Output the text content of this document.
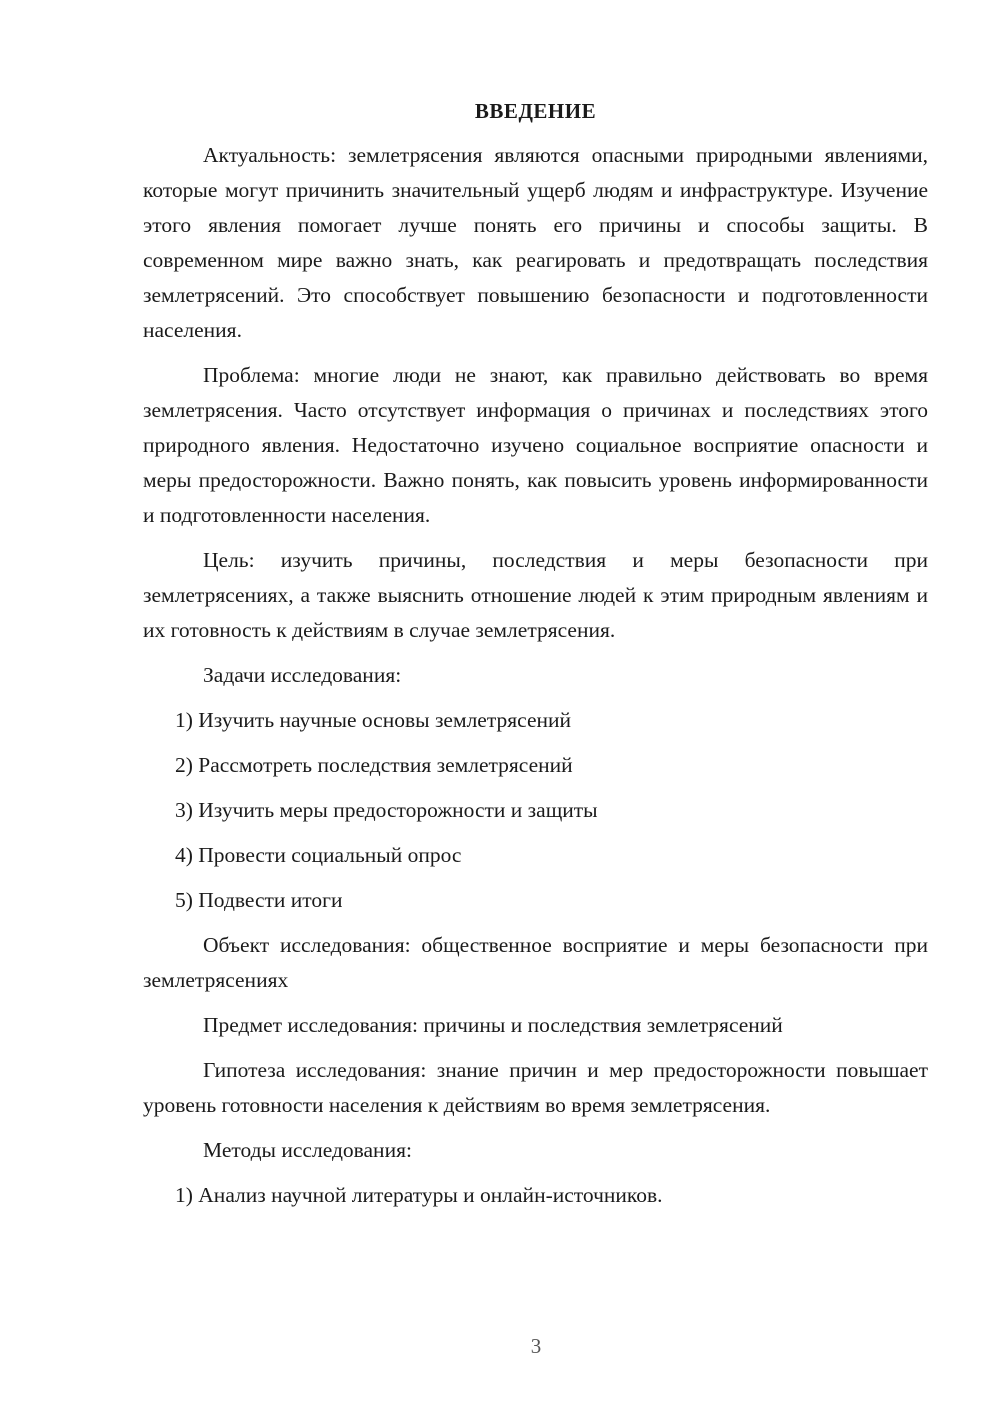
ВВЕДЕНИЕ

Актуальность: землетрясения являются опасными природными явлениями, которые могут причинить значительный ущерб людям и инфраструктуре. Изучение этого явления помогает лучше понять его причины и способы защиты. В современном мире важно знать, как реагировать и предотвращать последствия землетрясений. Это способствует повышению безопасности и подготовленности населения.

Проблема: многие люди не знают, как правильно действовать во время землетрясения. Часто отсутствует информация о причинах и последствиях этого природного явления. Недостаточно изучено социальное восприятие опасности и меры предосторожности. Важно понять, как повысить уровень информированности и подготовленности населения.

Цель: изучить причины, последствия и меры безопасности при землетрясениях, а также выяснить отношение людей к этим природным явлениям и их готовность к действиям в случае землетрясения.

Задачи исследования:
1) Изучить научные основы землетрясений
2) Рассмотреть последствия землетрясений
3) Изучить меры предосторожности и защиты
4) Провести социальный опрос
5) Подвести итоги

Объект исследования: общественное восприятие и меры безопасности при землетрясениях

Предмет исследования: причины и последствия землетрясений

Гипотеза исследования: знание причин и мер предосторожности повышает уровень готовности населения к действиям во время землетрясения.

Методы исследования:
1) Анализ научной литературы и онлайн-источников.
3
